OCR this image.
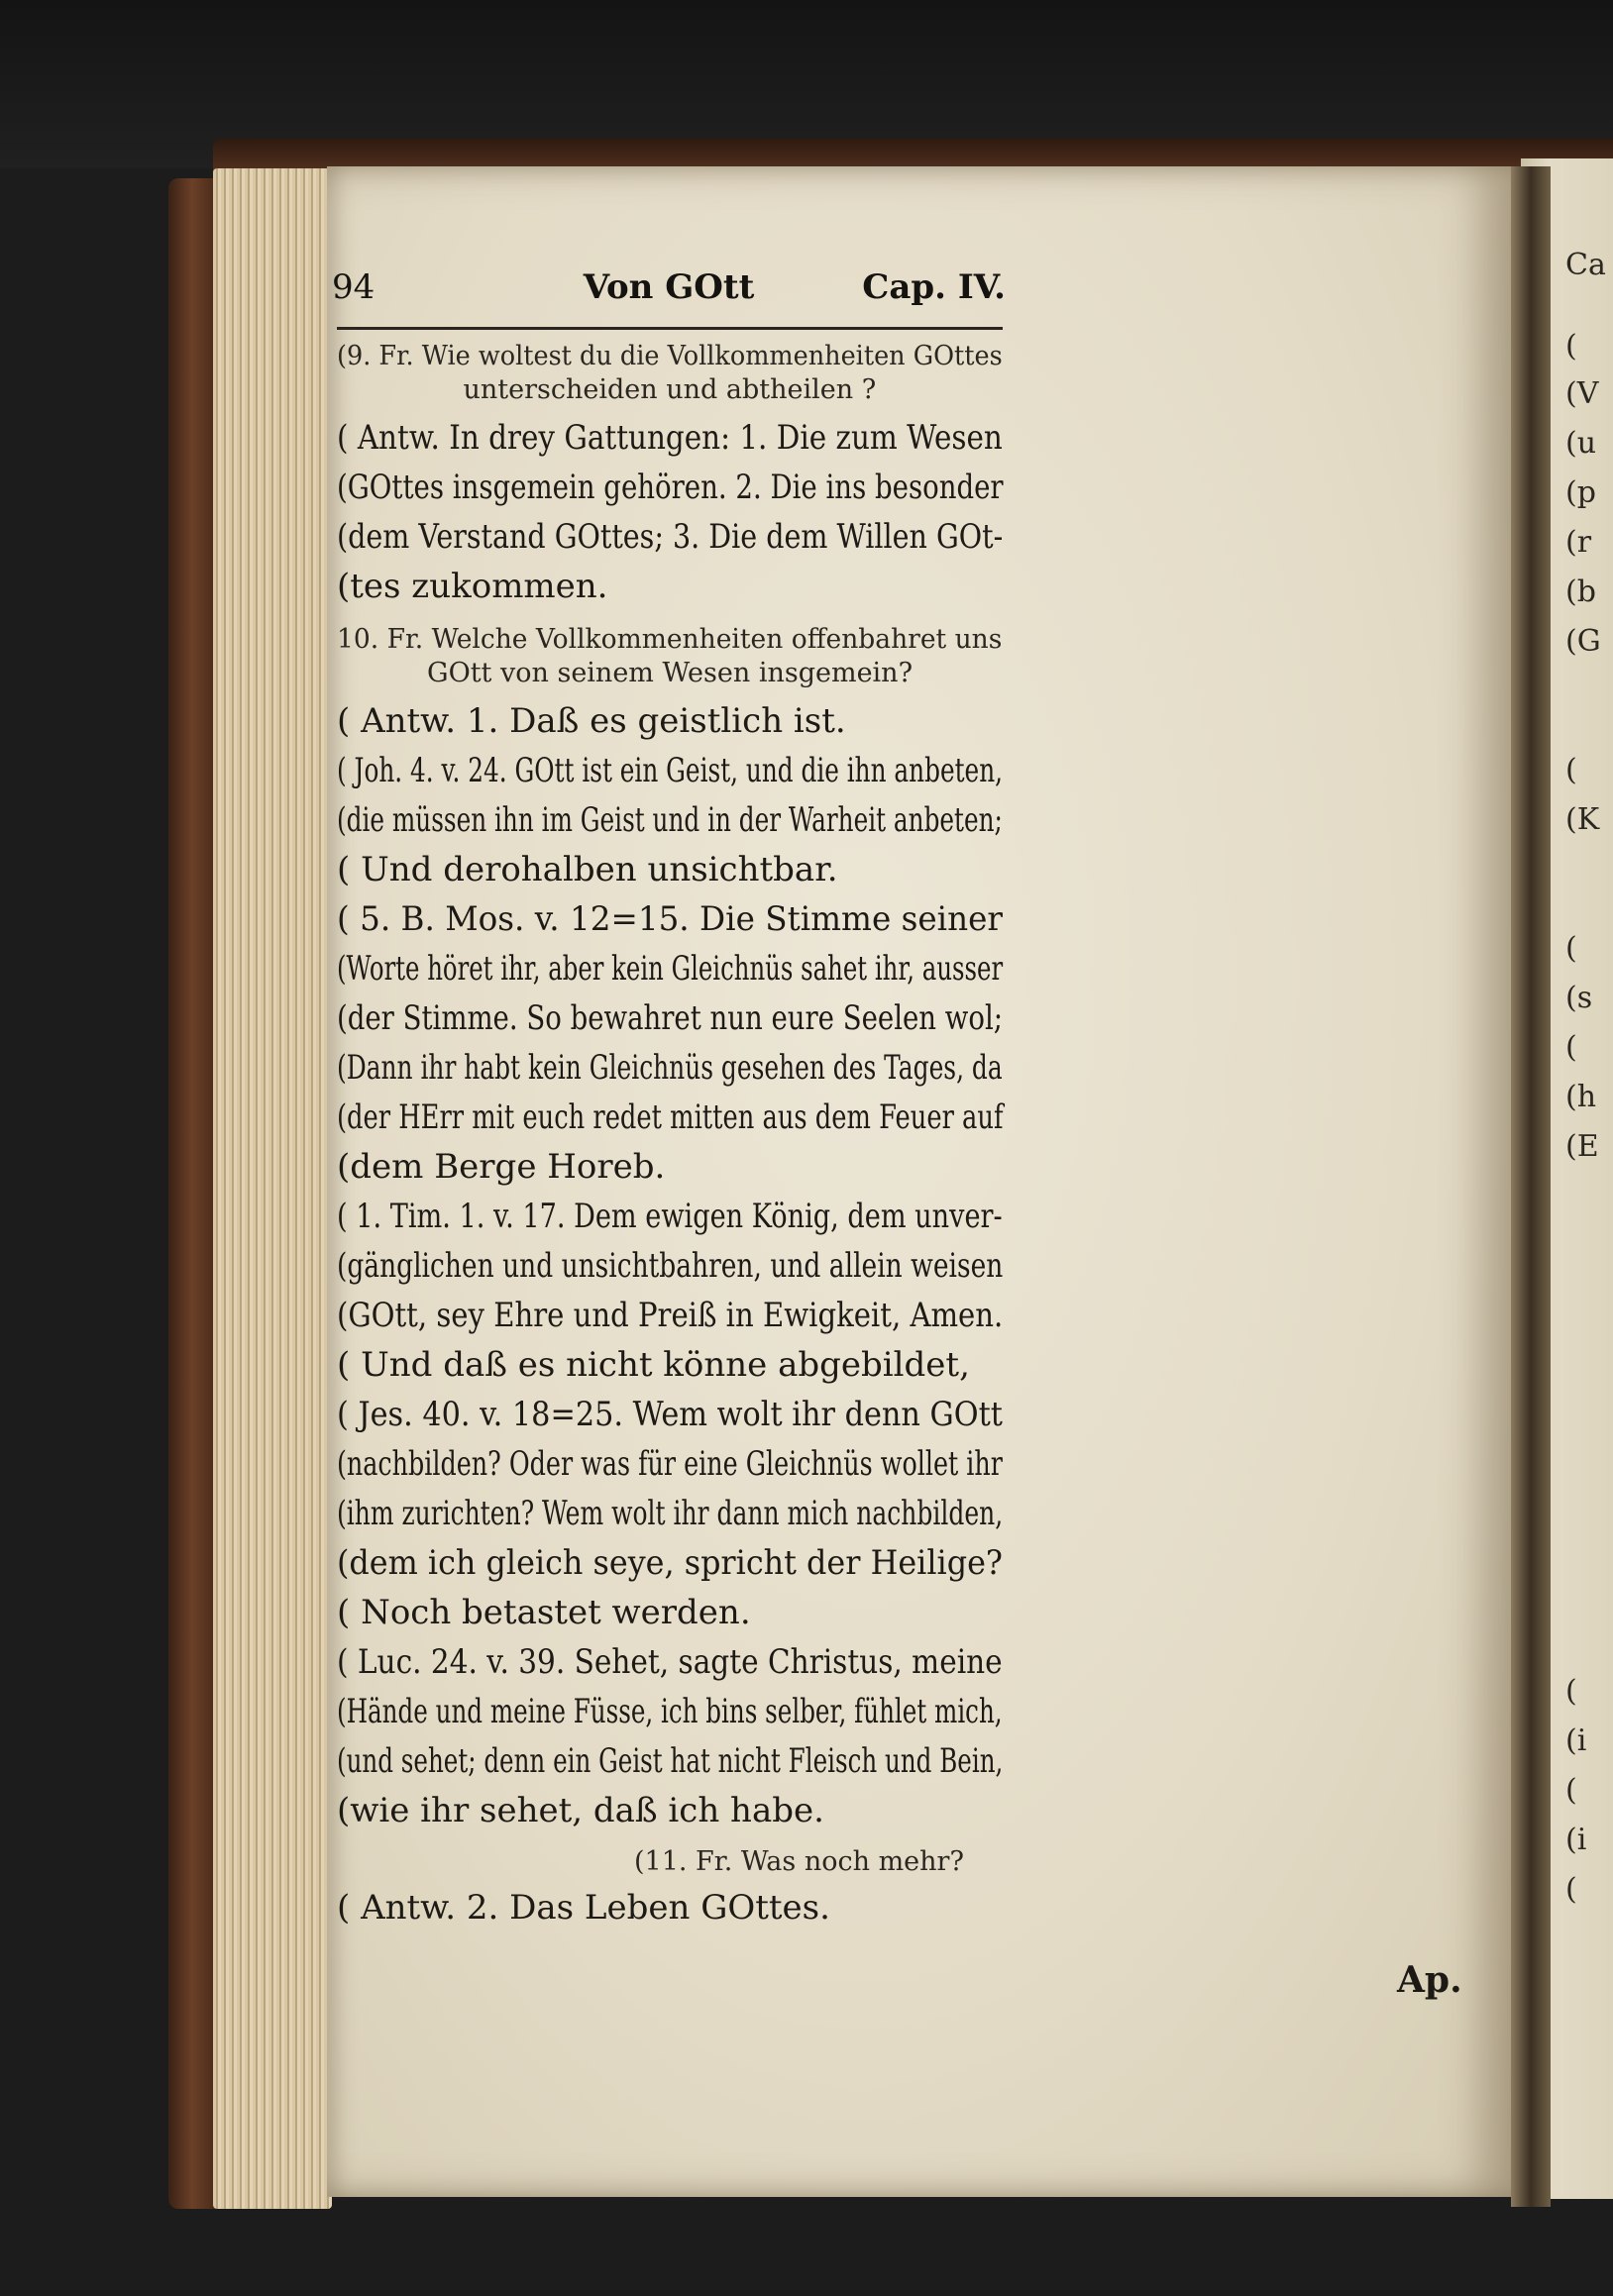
94	Von GOtt	Cap. IV.
(9. Fr. Wie woltest du die Vollkommenheiten GOttes
unterscheiden und abtheilen ?
( Antw. In drey Gattungen: 1. Die zum Wesen
(GOttes insgemein gehören. 2. Die ins besonder
(dem Verstand GOttes; 3. Die dem Willen GOt-
(tes zukommen.
10. Fr. Welche Vollkommenheiten offenbahret uns
GOtt von seinem Wesen insgemein?
( Antw. 1. Daß es geistlich ist.
( Joh. 4. v. 24. GOtt ist ein Geist, und die ihn anbeten,
(die müssen ihn im Geist und in der Warheit anbeten;
( Und derohalben unsichtbar.
( 5. B. Mos. v. 12=15. Die Stimme seiner
(Worte höret ihr, aber kein Gleichnüs sahet ihr, ausser
(der Stimme. So bewahret nun eure Seelen wol;
(Dann ihr habt kein Gleichnüs gesehen des Tages, da
(der HErr mit euch redet mitten aus dem Feuer auf
(dem Berge Horeb.
( 1. Tim. 1. v. 17. Dem ewigen König, dem unver-
(gänglichen und unsichtbahren, und allein weisen
(GOtt, sey Ehre und Preiß in Ewigkeit, Amen.
( Und daß es nicht könne abgebildet,
( Jes. 40. v. 18=25. Wem wolt ihr denn GOtt
(nachbilden? Oder was für eine Gleichnüs wollet ihr
(ihm zurichten? Wem wolt ihr dann mich nachbilden,
(dem ich gleich seye, spricht der Heilige?
( Noch betastet werden.
( Luc. 24. v. 39. Sehet, sagte Christus, meine
(Hände und meine Füsse, ich bins selber, fühlet mich,
(und sehet; denn ein Geist hat nicht Fleisch und Bein,
(wie ihr sehet, daß ich habe.
(11. Fr. Was noch mehr?
( Antw. 2. Das Leben GOttes.
Ap.
Ca
(
(V
(u
(p
(r
(b
(G
(
(K
(
(s
(
(h
(E
(
(i
(
(i
(
